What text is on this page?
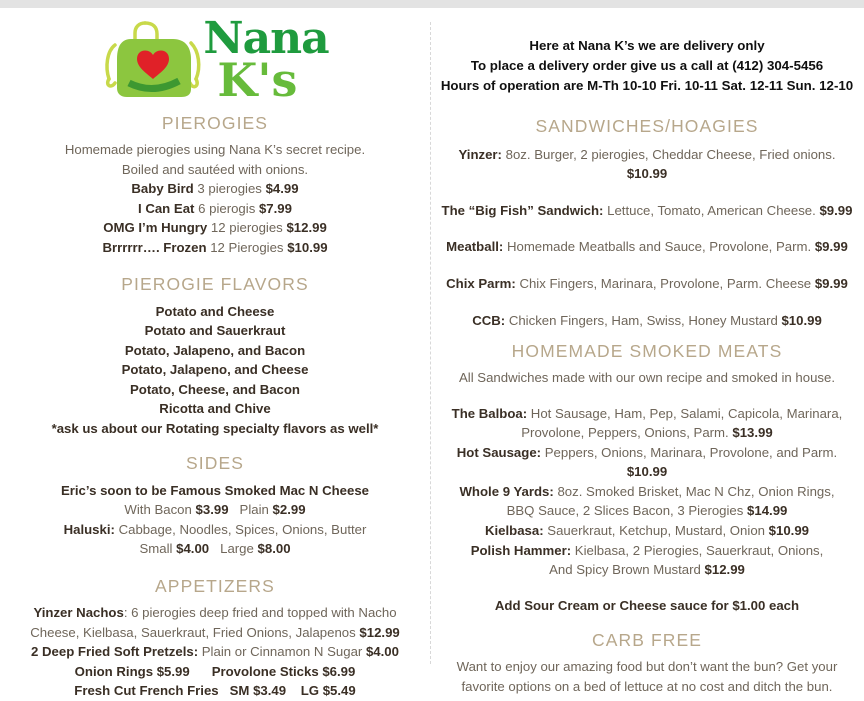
Nana
K's
PIEROGIES

Homemade pierogies using Nana K’s secret recipe.

Boiled and sautéed with onions.

Baby Bird 3 pierogies $4.99

I Can Eat 6 pierogis $7.99

OMG I’m Hungry 12 pierogies $12.99

Brrrrrr…. Frozen 12 Pierogies $10.99

PIEROGIE FLAVORS

Potato and Cheese

Potato and Sauerkraut

Potato, Jalapeno, and Bacon

Potato, Jalapeno, and Cheese

Potato, Cheese, and Bacon

Ricotta and Chive

*ask us about our Rotating specialty flavors as well*

SIDES

Eric’s soon to be Famous Smoked Mac N Cheese

With Bacon $3.99 Plain $2.99

Haluski: Cabbage, Noodles, Spices, Onions, Butter

Small $4.00 Large $8.00

APPETIZERS

Yinzer Nachos: 6 pierogies deep fried and topped with Nacho

Cheese, Kielbasa, Sauerkraut, Fried Onions, Jalapenos $12.99

2 Deep Fried Soft Pretzels: Plain or Cinnamon N Sugar $4.00

Onion Rings $5.99 Provolone Sticks $6.99

Fresh Cut French Fries SM $3.49 LG $5.49

Here at Nana K’s we are delivery only

To place a delivery order give us a call at (412) 304-5456

Hours of operation are M-Th 10-10 Fri. 10-11 Sat. 12-11 Sun. 12-10

SANDWICHES/HOAGIES

Yinzer: 8oz. Burger, 2 pierogies, Cheddar Cheese, Fried onions. $10.99

The “Big Fish” Sandwich: Lettuce, Tomato, American Cheese. $9.99

Meatball: Homemade Meatballs and Sauce, Provolone, Parm. $9.99

Chix Parm: Chix Fingers, Marinara, Provolone, Parm. Cheese $9.99

CCB: Chicken Fingers, Ham, Swiss, Honey Mustard $10.99

HOMEMADE SMOKED MEATS

All Sandwiches made with our own recipe and smoked in house.

The Balboa: Hot Sausage, Ham, Pep, Salami, Capicola, Marinara,

Provolone, Peppers, Onions, Parm. $13.99

Hot Sausage: Peppers, Onions, Marinara, Provolone, and Parm. $10.99

Whole 9 Yards: 8oz. Smoked Brisket, Mac N Chz, Onion Rings,

BBQ Sauce, 2 Slices Bacon, 3 Pierogies $14.99

Kielbasa: Sauerkraut, Ketchup, Mustard, Onion $10.99

Polish Hammer: Kielbasa, 2 Pierogies, Sauerkraut, Onions,

And Spicy Brown Mustard $12.99

Add Sour Cream or Cheese sauce for $1.00 each

CARB FREE

Want to enjoy our amazing food but don’t want the bun? Get your

favorite options on a bed of lettuce at no cost and ditch the bun.
